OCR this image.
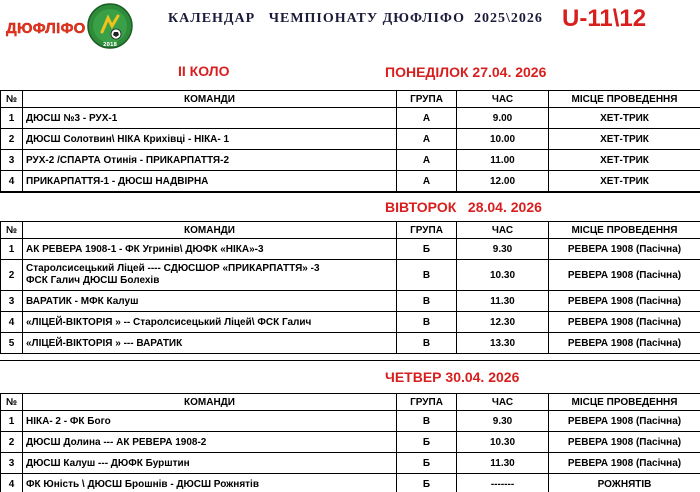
ДЮФЛІФО
2018
КАЛЕНДАР   ЧЕМПІОНАТУ ДЮФЛІФО  2025\2026 U-11\12
ІІ КОЛО	ПОНЕДІЛОК 27.04. 2026
№	КОМАНДИ	ГРУПА	ЧАС	МІСЦЕ ПРОВЕДЕННЯ
1	ДЮСШ №3 - РУХ-1	А	9.00	ХЕТ-ТРИК
2	ДЮСШ Солотвин\ НІКА Крихівці - НІКА- 1	А	10.00	ХЕТ-ТРИК
3	РУХ-2 /СПАРТА Отинія - ПРИКАРПАТТЯ-2	А	11.00	ХЕТ-ТРИК
4	ПРИКАРПАТТЯ-1 - ДЮСШ НАДВІРНА	А	12.00	ХЕТ-ТРИК
ВІВТОРОК   28.04. 2026
№	КОМАНДИ	ГРУПА	ЧАС	МІСЦЕ ПРОВЕДЕННЯ
1	АК РЕВЕРА 1908-1 - ФК Угринів\ ДЮФК «НІКА»-3	Б	9.30	РЕВЕРА 1908 (Пасічна)
2	Старолсисецький Ліцей ---- СДЮСШОР «ПРИКАРПАТТЯ» -3
ФСК Галич ДЮСШ Болехів	В	10.30	РЕВЕРА 1908 (Пасічна)
3	ВАРАТИК - МФК Калуш	В	11.30	РЕВЕРА 1908 (Пасічна)
4	«ЛІЦЕЙ-ВІКТОРІЯ » -- Старолсисецький Ліцей\ ФСК Галич	В	12.30	РЕВЕРА 1908 (Пасічна)
5	«ЛІЦЕЙ-ВІКТОРІЯ » --- ВАРАТИК	В	13.30	РЕВЕРА 1908 (Пасічна)
ЧЕТВЕР 30.04. 2026
№	КОМАНДИ	ГРУПА	ЧАС	МІСЦЕ ПРОВЕДЕННЯ
1	НІКА- 2 - ФК Бого	В	9.30	РЕВЕРА 1908 (Пасічна)
2	ДЮСШ Долина --- АК РЕВЕРА 1908-2	Б	10.30	РЕВЕРА 1908 (Пасічна)
3	ДЮСШ Калуш --- ДЮФК Бурштин	Б	11.30	РЕВЕРА 1908 (Пасічна)
4	ФК Юність \ ДЮСШ Брошнів - ДЮСШ Рожнятів	Б	-------	РОЖНЯТІВ
